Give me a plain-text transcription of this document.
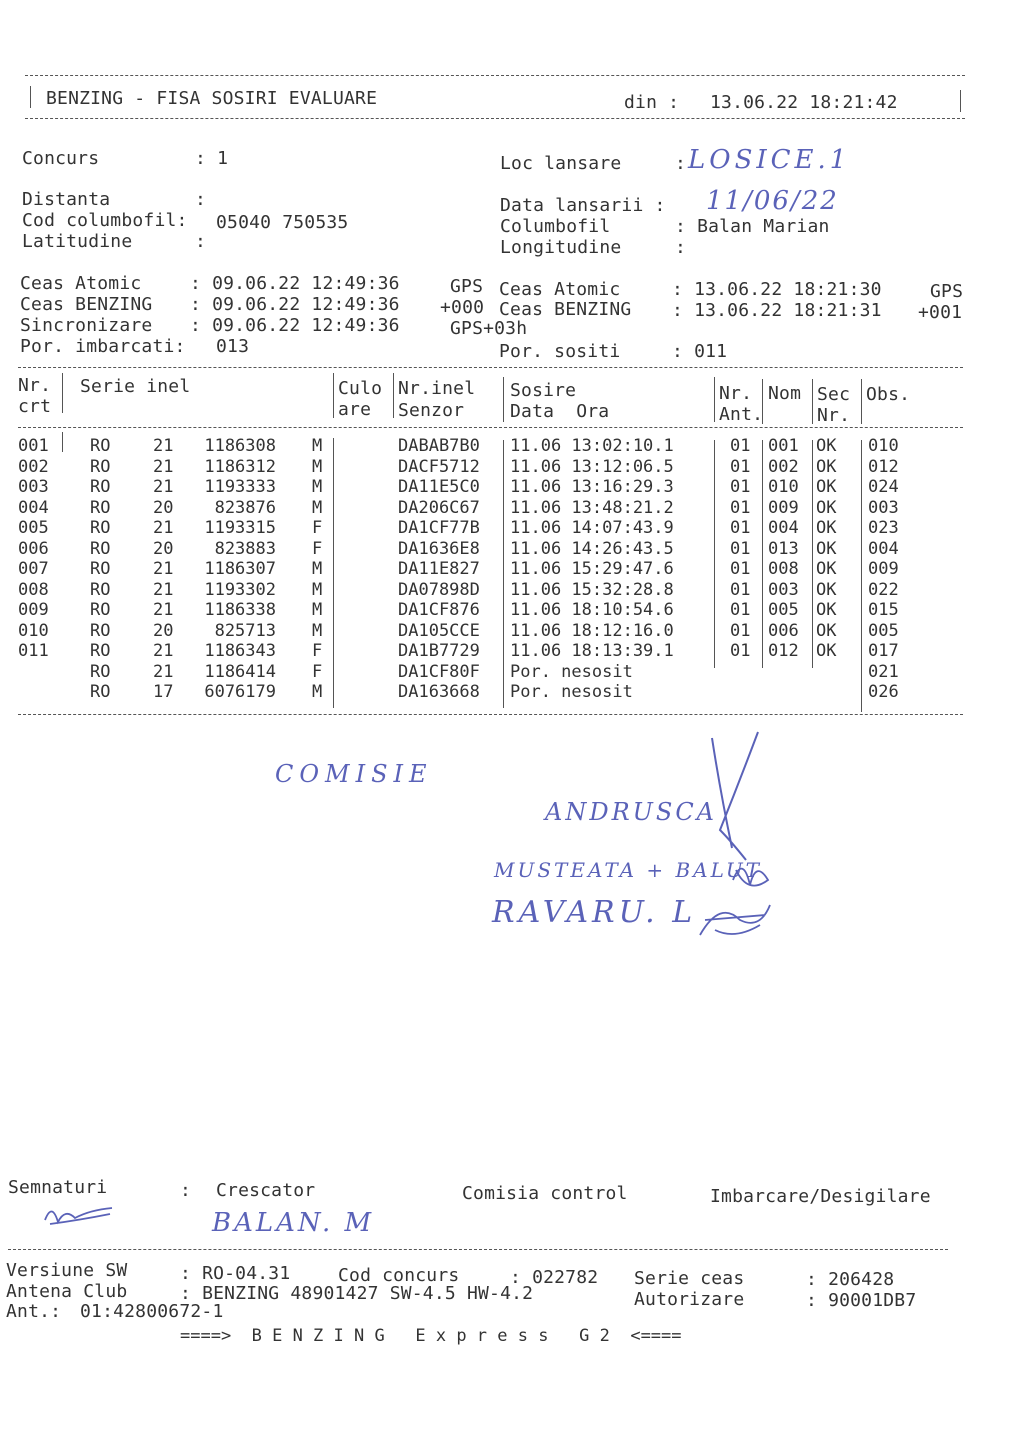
BENZING - FISA SOSIRI EVALUARE	din : 13.06.22 18:21:42
Concurs	: 1
Distanta	:
Cod columbofil: 05040 750535
Latitudine	:
Loc lansare	: LOSICE.1
Data lansarii : 11/06/22
Columbofil	: Balan Marian
Longitudine	:
Ceas Atomic	: 09.06.22 12:49:36	GPS
Ceas BENZING : 09.06.22 12:49:36 +000
Sincronizare : 09.06.22 12:49:36	GPS+03h
Por. imbarcati: 013
Ceas Atomic	: 13.06.22 18:21:30	GPS
Ceas BENZING : 13.06.22 18:21:31 +001
Por. sositi	: 011
Nr.
crt
Serie inel	Culo
are
Nr.inel
Senzor
Sosire
Data  Ora
Nr.
Ant.
Nom Sec
Nr.
Obs.
001 RO	21 1186308 M	DABAB7B0 11.06 13:02:10.1	01 001 OK 010
002 RO	21 1186312 M	DACF5712 11.06 13:12:06.5	01 002 OK 012
003 RO	21 1193333 M	DA11E5C0 11.06 13:16:29.3	01 010 OK 024
004 RO	20 823876 M	DA206C67 11.06 13:48:21.2	01 009 OK 003
005 RO	21 1193315 F	DA1CF77B 11.06 14:07:43.9	01 004 OK 023
006 RO	20 823883 F	DA1636E8 11.06 14:26:43.5	01 013 OK 004
007 RO	21 1186307 M	DA11E827 11.06 15:29:47.6	01 008 OK 009
008 RO	21 1193302 M	DA07898D 11.06 15:32:28.8	01 003 OK 022
009 RO	21 1186338 M	DA1CF876 11.06 18:10:54.6	01 005 OK 015
010 RO	20 825713 M	DA105CCE 11.06 18:12:16.0	01 006 OK 005
011 RO	21 1186343 F	DA1B7729 11.06 18:13:39.1	01 012 OK 017
RO	21 1186414 F	DA1CF80F Por. nesosit	021
RO	17 6076179 M	DA163668 Por. nesosit	026
COMISIE
ANDRUSCA
MUSTEATA + BALUT
RAVARU. L
Semnaturi	: Crescator	Comisia control	Imbarcare/Desigilare
BALAN. M
Versiune SW	: RO-04.31	Cod concurs	: 022782 Serie ceas	: 206428
Antena Club	: BENZING 48901427 SW-4.5 HW-4.2	Autorizare	: 90001DB7
Ant.: 01:42800672-1
====>  B E N Z I N G   E x p r e s s   G 2  <====
